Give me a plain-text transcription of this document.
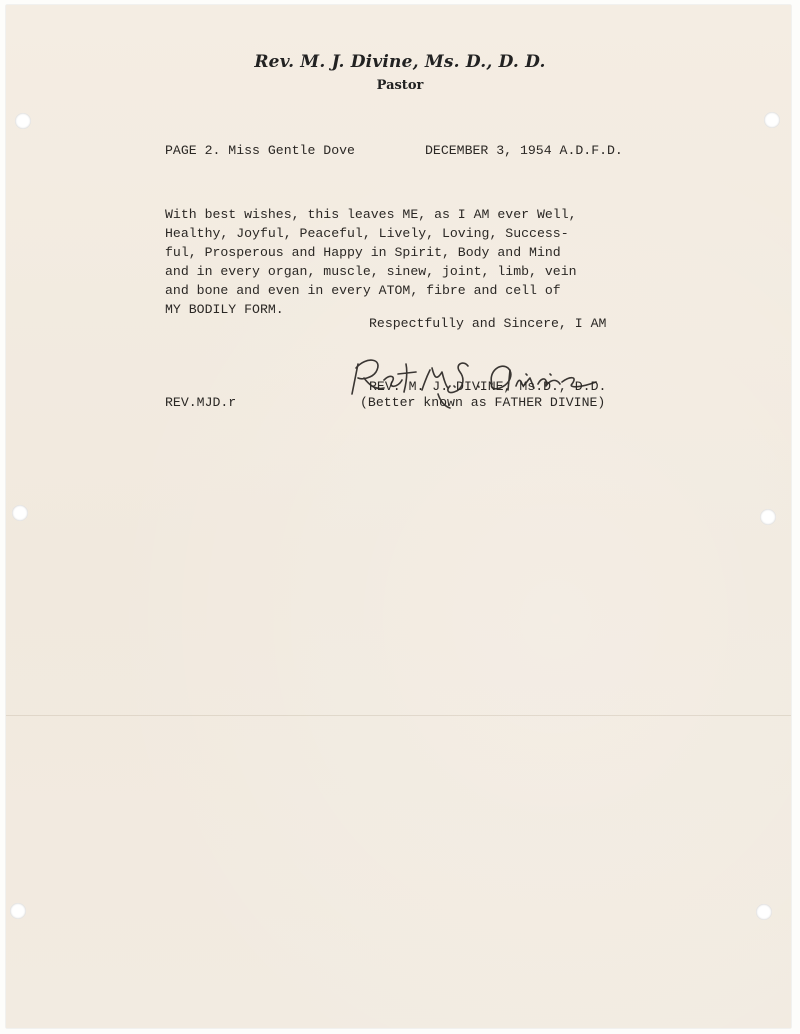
Rev. M. J. Divine, Ms. D., D. D.
Pastor
PAGE 2. Miss Gentle Dove	DECEMBER 3, 1954 A.D.F.D.
With best wishes, this leaves ME, as I AM ever Well,
Healthy, Joyful, Peaceful, Lively, Loving, Success-
ful, Prosperous and Happy in Spirit, Body and Mind
and in every organ, muscle, sinew, joint, limb, vein
and bone and even in every ATOM, fibre and cell of
MY BODILY FORM.
Respectfully and Sincere, I AM
REV. M. J. DIVINE, Ms.D., D.D.
(Better known as FATHER DIVINE)
REV.MJD.r
